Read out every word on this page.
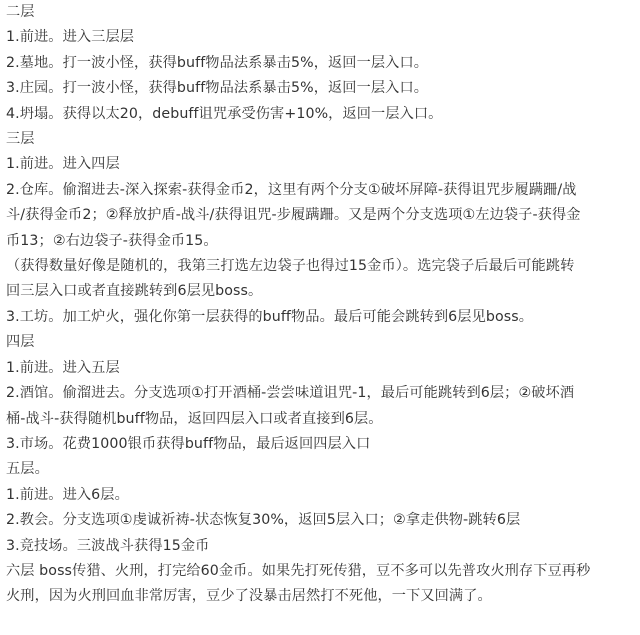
二层
1.前进。进入三层层
2.墓地。打一波小怪，获得buff物品法系暴击5%，返回一层入口。
3.庄园。打一波小怪，获得buff物品法系暴击5%，返回一层入口。
4.坍塌。获得以太20，debuff诅咒承受伤害+10%，返回一层入口。
三层
1.前进。进入四层
2.仓库。偷溜进去-深入探索-获得金币2，这里有两个分支①破坏屏障-获得诅咒步履蹒跚/战
斗/获得金币2；②释放护盾-战斗/获得诅咒-步履蹒跚。又是两个分支选项①左边袋子-获得金
币13；②右边袋子-获得金币15。
（获得数量好像是随机的，我第三打选左边袋子也得过15金币）。选完袋子后最后可能跳转
回三层入口或者直接跳转到6层见boss。
3.工坊。加工炉火，强化你第一层获得的buff物品。最后可能会跳转到6层见boss。
四层
1.前进。进入五层
2.酒馆。偷溜进去。分支选项①打开酒桶-尝尝味道诅咒-1，最后可能跳转到6层；②破坏酒
桶-战斗-获得随机buff物品，返回四层入口或者直接到6层。
3.市场。花费1000银币获得buff物品，最后返回四层入口
五层。
1.前进。进入6层。
2.教会。分支选项①虔诚祈祷-状态恢复30%，返回5层入口；②拿走供物-跳转6层
3.竞技场。三波战斗获得15金币
六层 boss传猎、火刑，打完给60金币。如果先打死传猎，豆不多可以先普攻火刑存下豆再秒
火刑，因为火刑回血非常厉害，豆少了没暴击居然打不死他，一下又回满了。
